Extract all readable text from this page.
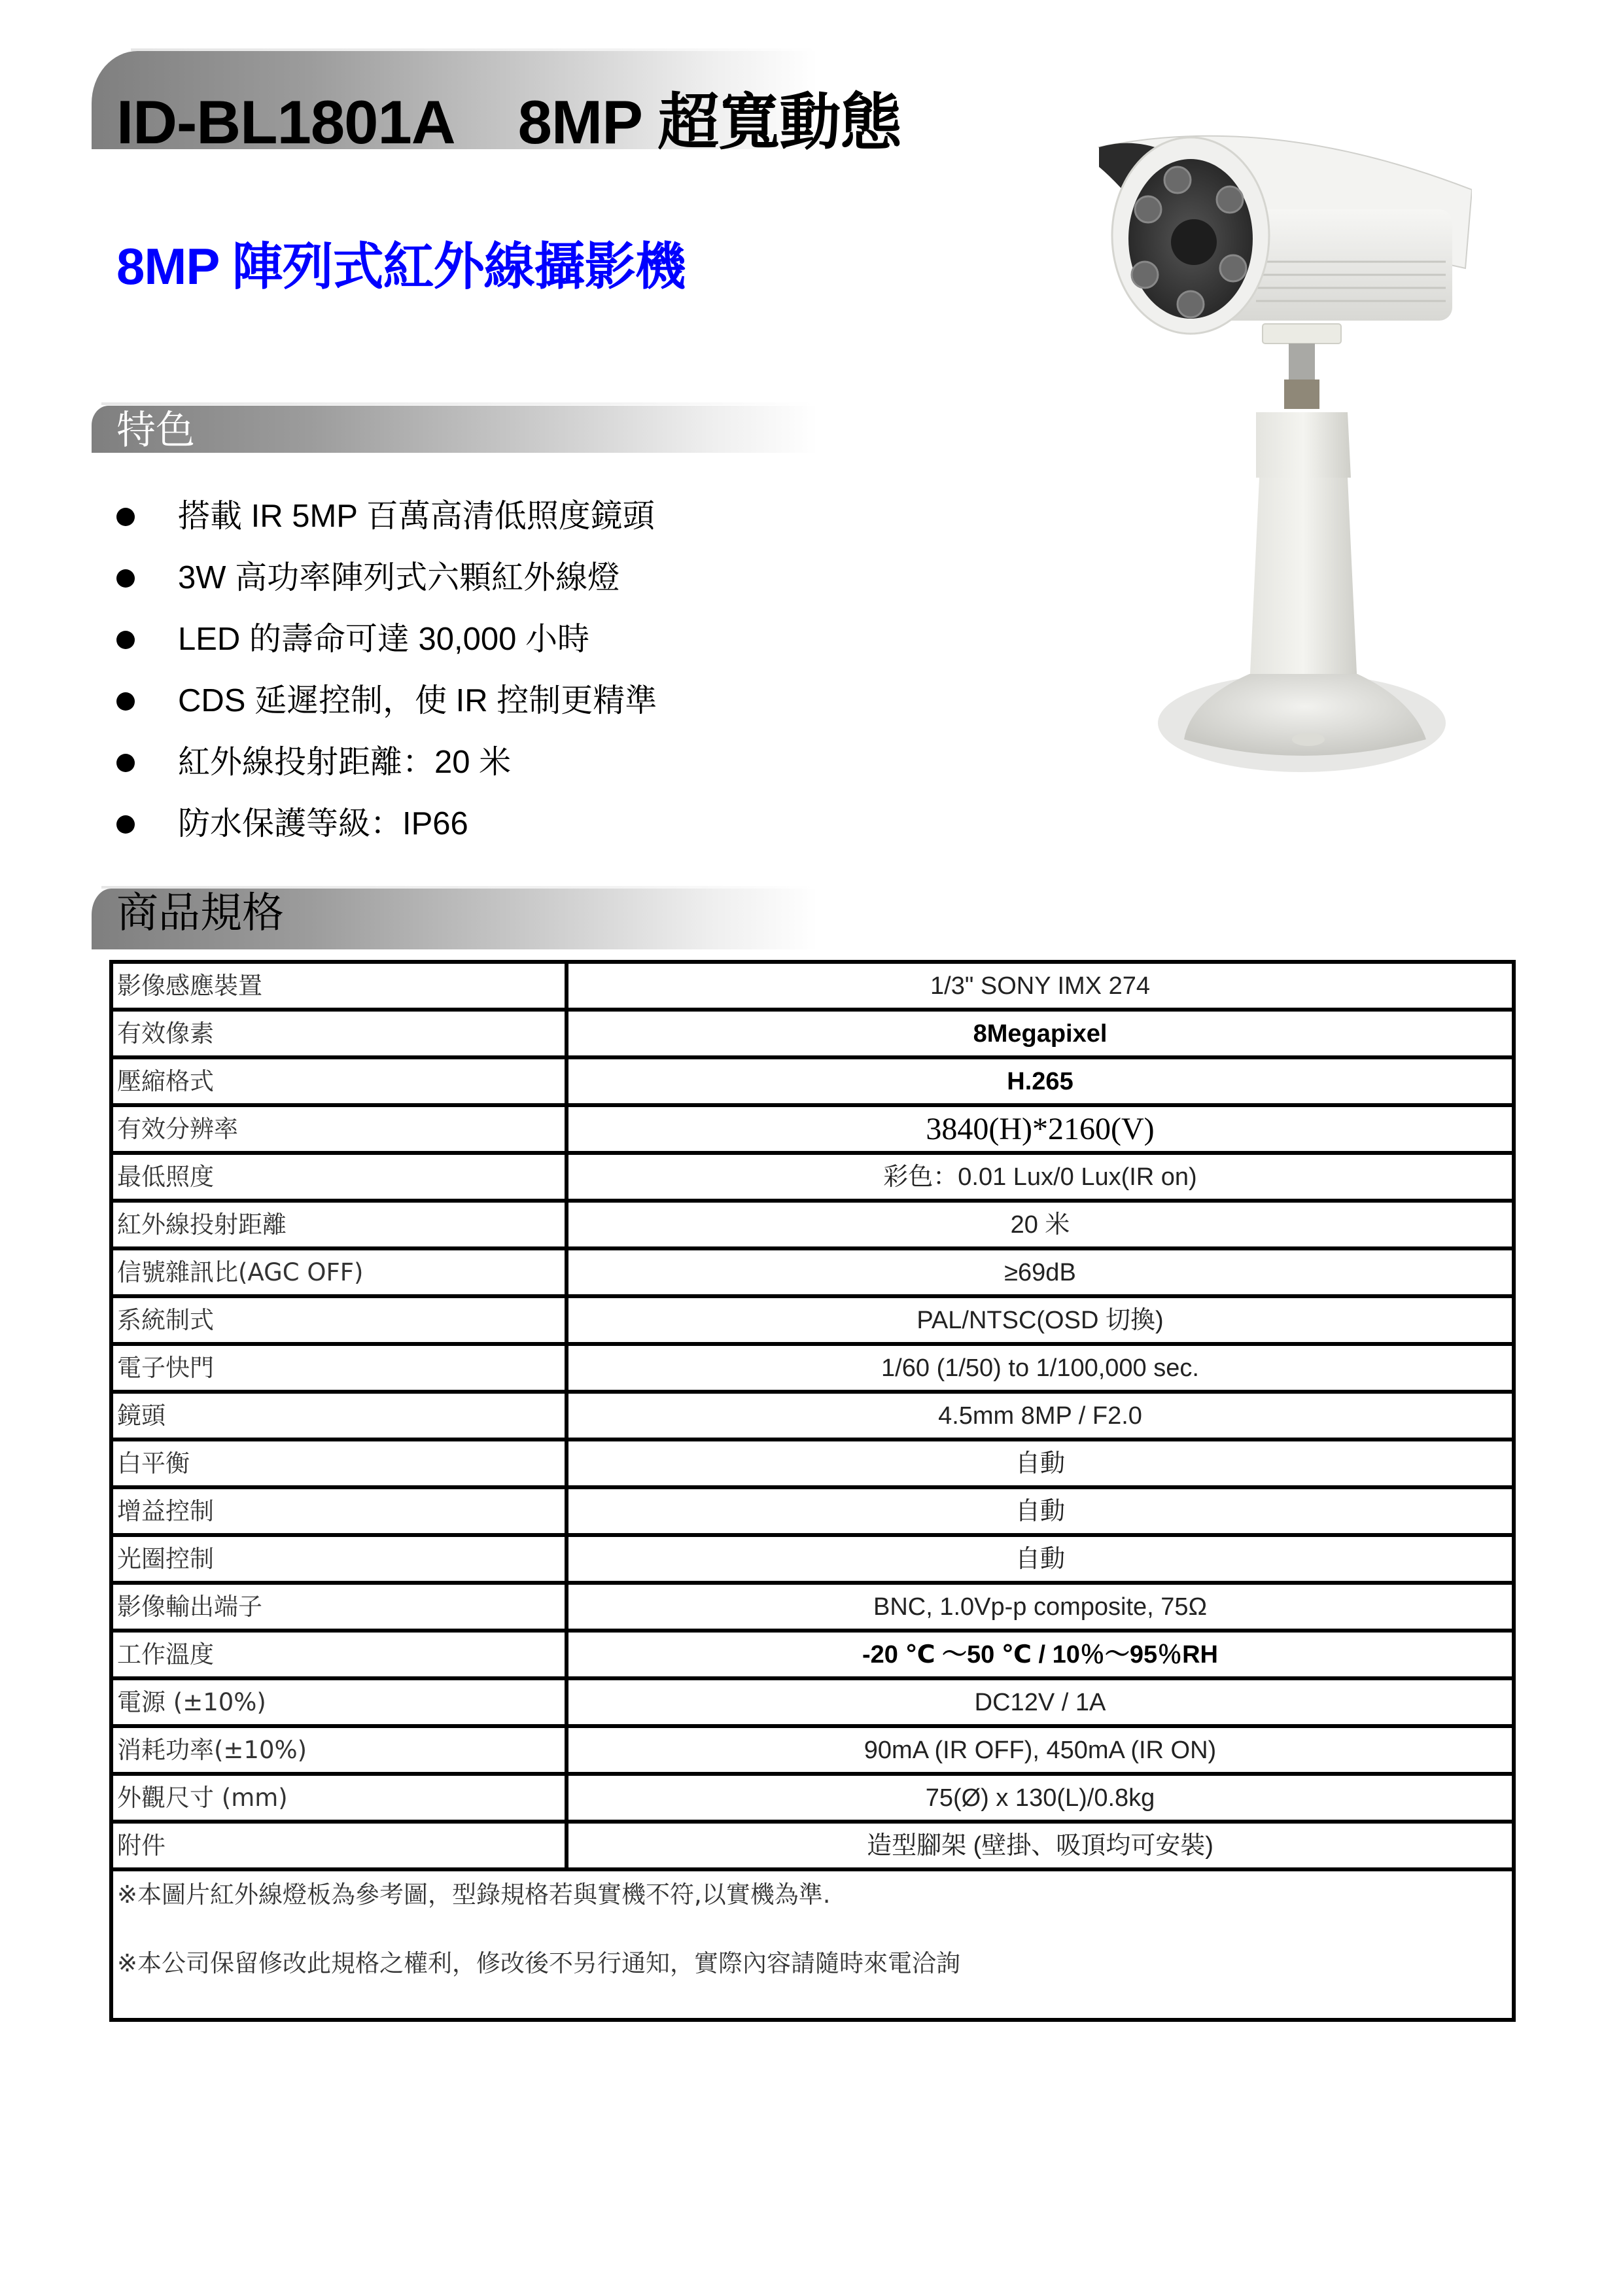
ID-BL1801A 8MP 超寬動態
8MP 陣列式紅外線攝影機
特色
搭載 IR 5MP 百萬高清低照度鏡頭
3W 高功率陣列式六顆紅外線燈
LED 的壽命可達 30,000 小時
CDS 延遲控制，使 IR 控制更精準
紅外線投射距離：20 米
防水保護等級：IP66
商品規格
影像感應裝置	1/3" SONY IMX 274
有效像素	8Megapixel
壓縮格式	H.265
有效分辨率	3840(H)*2160(V)
最低照度	彩色：0.01 Lux/0 Lux(IR on)
紅外線投射距離	20 米
信號雜訊比(AGC OFF)	≥69dB
系統制式	PAL/NTSC(OSD 切換)
電子快門	1/60 (1/50) to 1/100,000 sec.
鏡頭	4.5mm 8MP / F2.0
白平衡	自動
增益控制	自動
光圈控制	自動
影像輸出端子	BNC, 1.0Vp-p composite, 75Ω
工作溫度	-20 ℃ ～50 ℃ / 10％～95％RH
電源 (±10%)	DC12V / 1A
消耗功率(±10%)	90mA (IR OFF), 450mA (IR ON)
外觀尺寸 (mm)	75(Ø) x 130(L)/0.8kg
附件	造型腳架 (壁掛、吸頂均可安裝)

※本圖片紅外線燈板為參考圖，型錄規格若與實機不符,以實機為準.
※本公司保留修改此規格之權利，修改後不另行通知，實際內容請隨時來電洽詢	
